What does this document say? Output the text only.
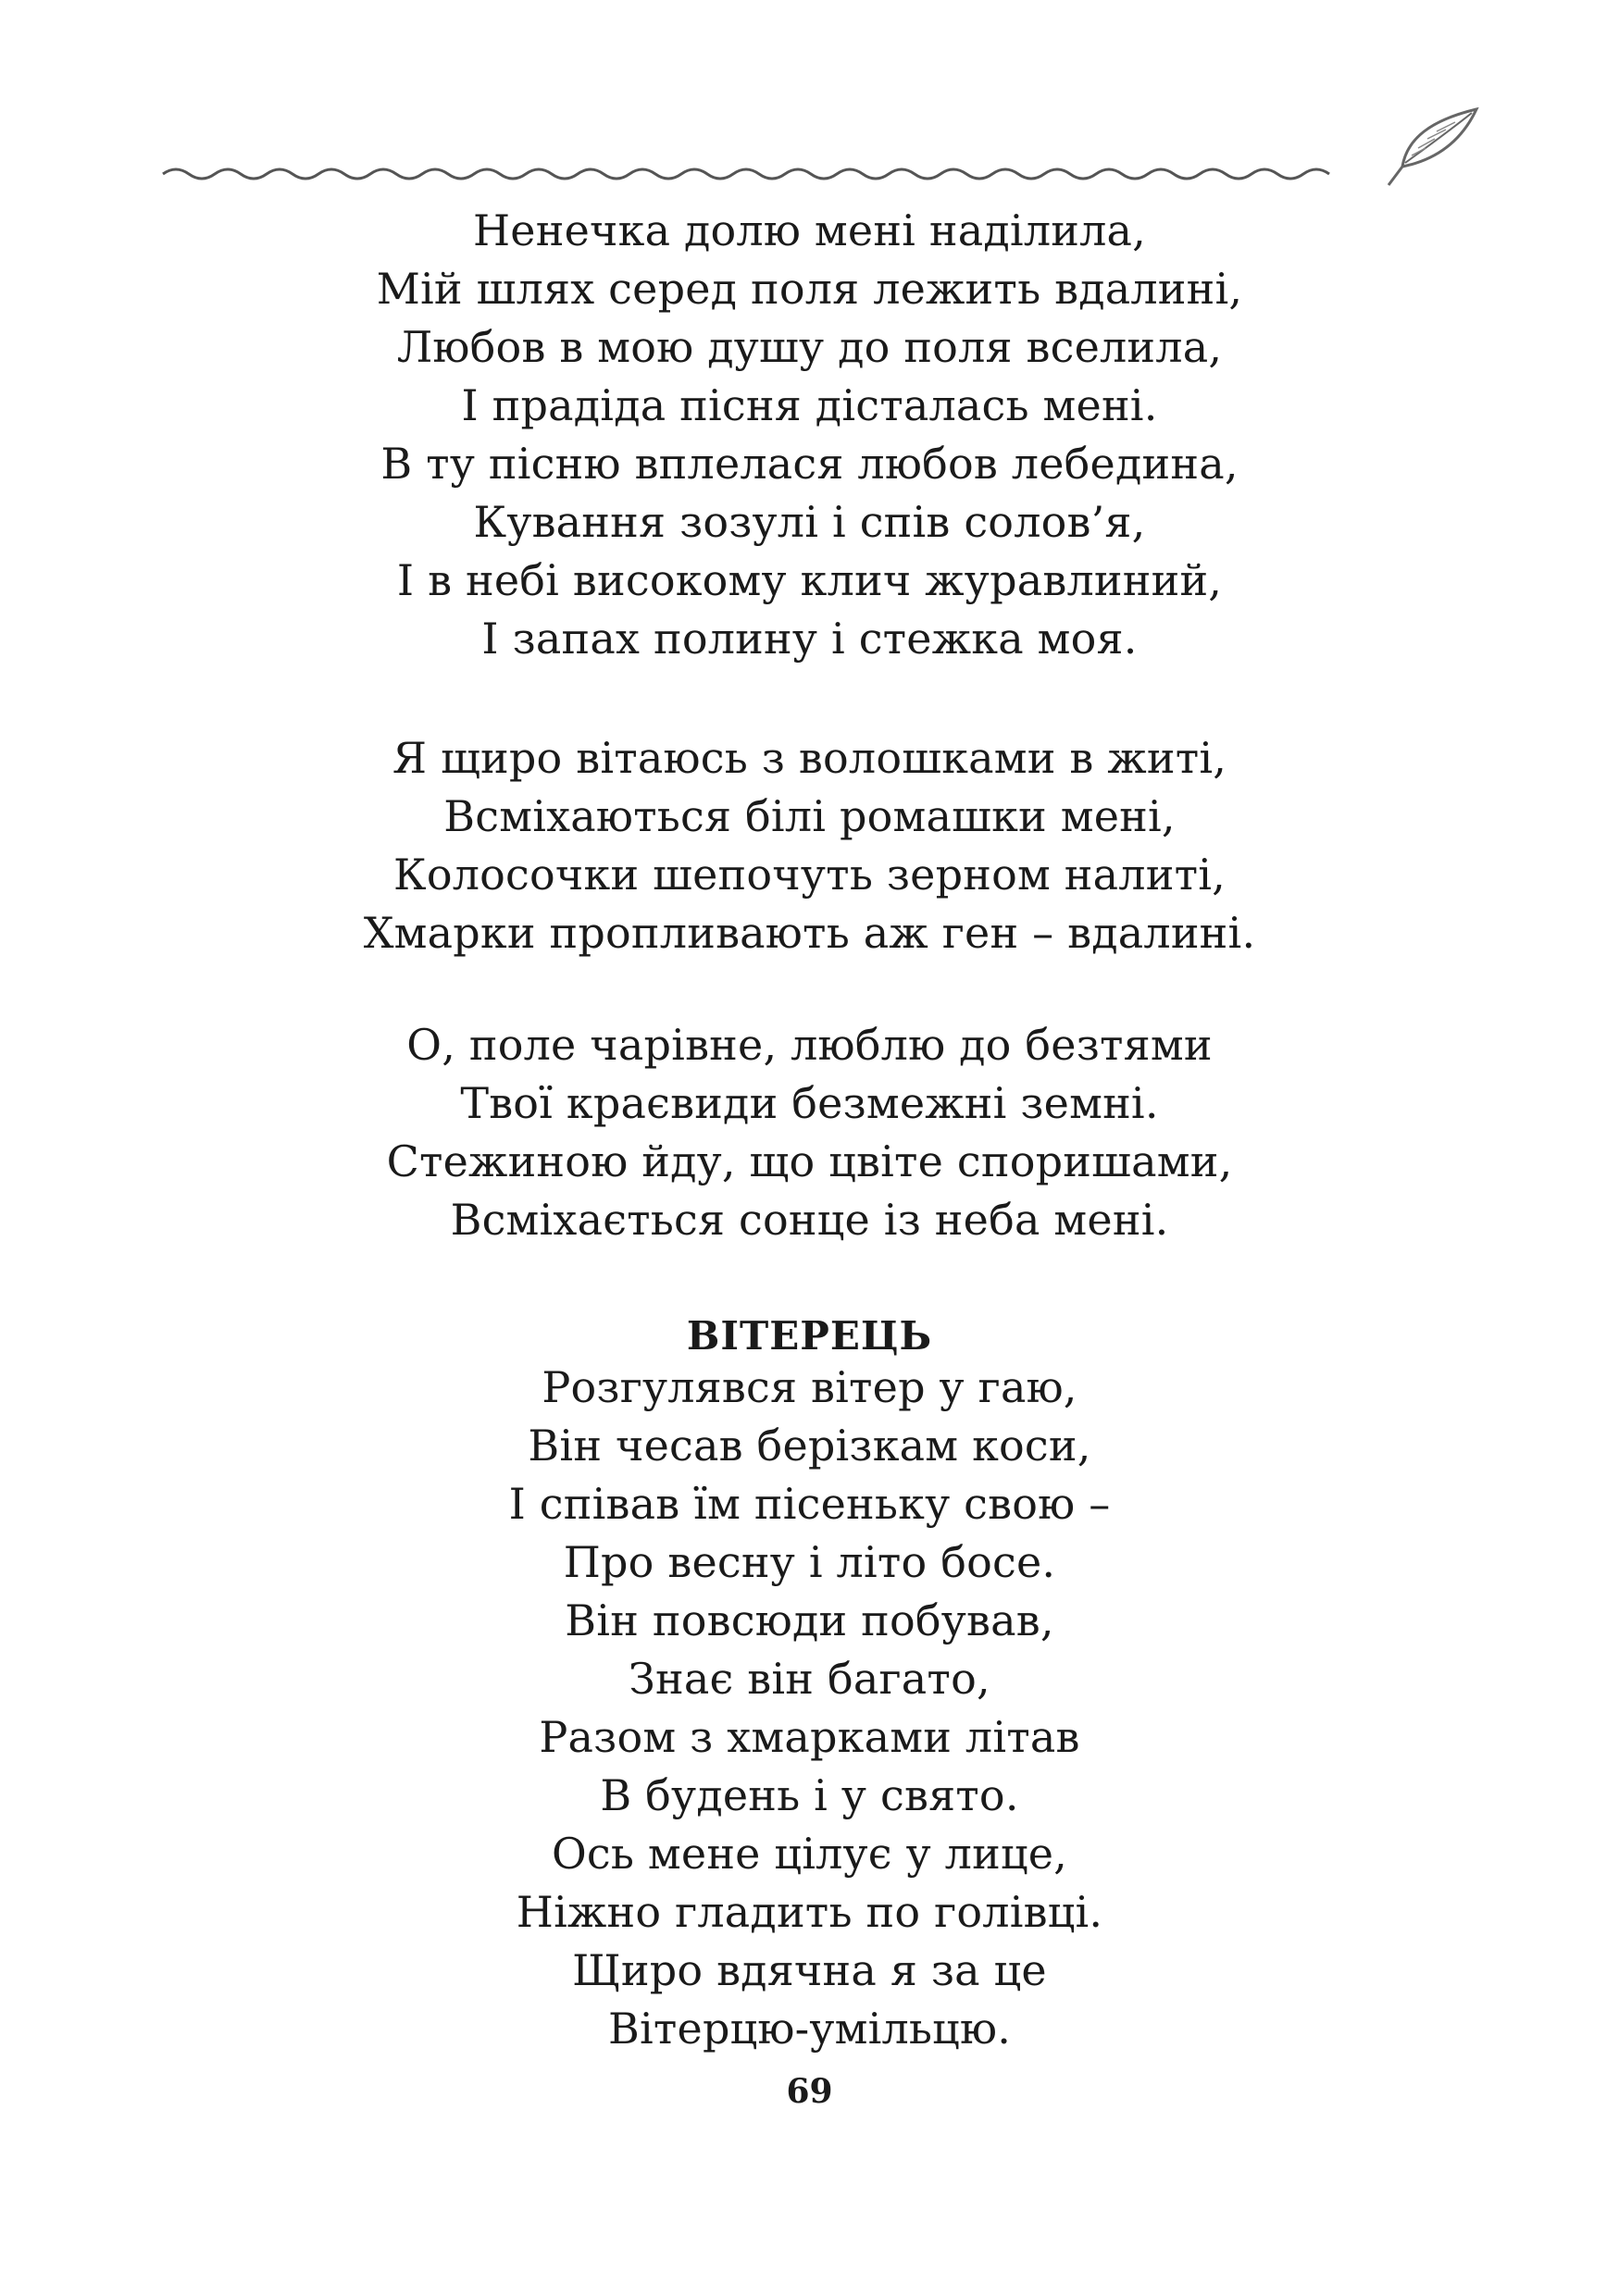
Ненечка долю мені наділила,
Мій шлях серед поля лежить вдалині,
Любов в мою душу до поля вселила,
І прадіда пісня дісталась мені.
В ту пісню вплелася любов лебедина,
Кування зозулі і спів солов’я,
І в небі високому клич журавлиний,
І запах полину і стежка моя.
Я щиро вітаюсь з волошками в житі,
Всміхаються білі ромашки мені,
Колосочки шепочуть зерном налиті,
Хмарки пропливають аж ген – вдалині.
О, поле чарівне, люблю до безтями
Твої краєвиди безмежні земні.
Стежиною йду, що цвіте споришами,
Всміхається сонце із неба мені.
ВІТЕРЕЦЬ
Розгулявся вітер у гаю,
Він чесав берізкам коси,
І співав їм пісеньку свою –
Про весну і літо босе.
Він повсюди побував,
Знає він багато,
Разом з хмарками літав
В будень і у свято.
Ось мене цілує у лице,
Ніжно гладить по голівці.
Щиро вдячна я за це
Вітерцю-умільцю.
69
